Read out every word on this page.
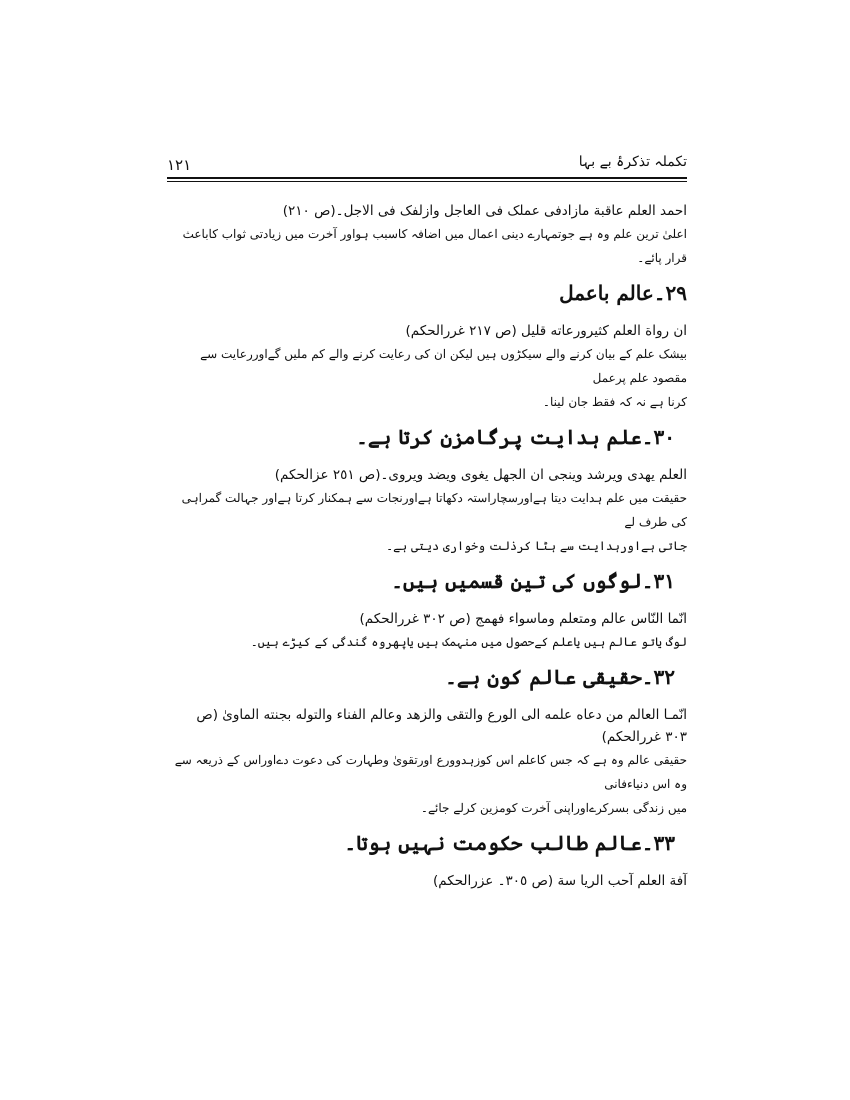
١٢١	تکملہ تذکرۂ بے بہا

احمد العلم عاقبة مازادفی عملک فی العاجل وازلفک فی الاجل۔(ص ٢١٠)

اعلیٰ ترین علم وہ ہے جوتمہارے دینی اعمال میں اضافہ کاسبب ہواور آخرت میں زیادتی ثواب کاباعث قرار پائے۔

٢٩۔عالم باعمل

ان رواة العلم کثیرورعاته قلیل (ص ٢١٧ غررالحکم)

بیشک علم کے بیان کرنے والے سیکڑوں ہیں لیکن ان کی رعایت کرنے والے کم ملیں گےاوررعایت سے مقصود علم پرعمل

کرنا ہے نہ کہ فقط جان لینا۔

٣٠۔علم ہدایت پرگامزن کرتا ہے۔

العلم یهدی ویرشد وینجی ان الجهل یغوی ویضد ویروی۔(ص ٢٥١ عزالحکم)

حقیقت میں علم ہدایت دیتا ہےاورسچاراستہ دکھاتا ہےاورنجات سے ہمکنار کرتا ہےاور جہالت گمراہی کی طرف لے

جاتی ہےاورہدایت سے ہٹا کرذلت وخواری دیتی ہے۔

٣١۔لوگوں کی تین قسمیں ہیں۔

انّما النّاس عالم ومتعلم وماسواء فهمج (ص ٣٠٢ غررالحکم)

لوگ یاتو عالم ہیں یاعلم کےحصول میں منہمک ہیں یاپھروہ گندگی کے کیڑے ہیں۔

٣٢۔حقیقی عالم کون ہے۔

انّمـا العالم من دعاه علمه الی الورع والتقی والزهد وعالم الفناء والتوله بجنته الماویٰ (ص

٣٠٣ غررالحکم)

حقیقی عالم وہ ہے کہ جس کاعلم اس کوزہدوورع اورتقویٰ وطہارت کی دعوت دےاوراس کے ذریعہ سے وہ اس دنیاءفانی

میں زندگی بسرکرےاوراپنی آخرت کومزین کرلے جائے۔

٣٣۔عالم طالب حکومت نہیں ہوتا۔

آفة العلم آحب الریا سة (ص ٣٠٥۔ عزرالحکم)
